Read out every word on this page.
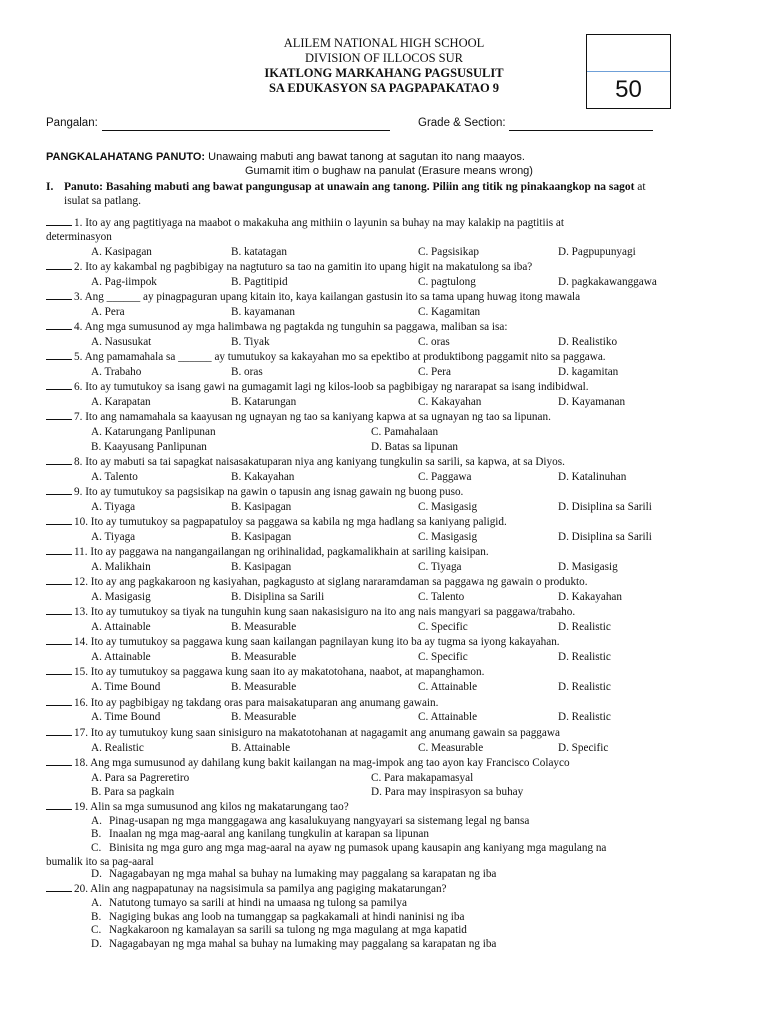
ALILEM NATIONAL HIGH SCHOOL
DIVISION OF ILLOCOS SUR
IKATLONG MARKAHANG PAGSUSULIT
SA EDUKASYON SA PAGPAPAKATAO 9	50
Pangalan:	Grade & Section:
PANGKALAHATANG PANUTO: Unawaing mabuti ang bawat tanong at sagutan ito nang maayos.
Gumamit itim o bughaw na panulat (Erasure means wrong)
I. Panuto: Basahing mabuti ang bawat pangungusap at unawain ang tanong. Piliin ang titik ng pinakaangkop na sagot at
isulat sa patlang.
1. Ito ay ang pagtitiyaga na maabot o makakuha ang mithiin o layunin sa buhay na may kalakip na pagtitiis at
determinasyon
A. Kasipagan	B. katatagan	C. Pagsisikap	D. Pagpupunyagi
2. Ito ay kakambal ng pagbibigay na nagtuturo sa tao na gamitin ito upang higit na makatulong sa iba?
A. Pag-iimpok	B. Pagtitipid	C. pagtulong	D. pagkakawanggawa
3. Ang ______ ay pinagpaguran upang kitain ito, kaya kailangan gastusin ito sa tama upang huwag itong mawala
A. Pera	B. kayamanan	C. Kagamitan
4. Ang mga sumusunod ay mga halimbawa ng pagtakda ng tunguhin sa paggawa, maliban sa isa:
A. Nasusukat	B. Tiyak	C. oras	D. Realistiko
5. Ang pamamahala sa ______ ay tumutukoy sa kakayahan mo sa epektibo at produktibong paggamit nito sa paggawa.
A. Trabaho	B. oras	C. Pera	D. kagamitan
6. Ito ay tumutukoy sa isang gawi na gumagamit lagi ng kilos-loob sa pagbibigay ng nararapat sa isang indibidwal.
A. Karapatan	B. Katarungan	C. Kakayahan	D. Kayamanan
7. Ito ang namamahala sa kaayusan ng ugnayan ng tao sa kaniyang kapwa at sa ugnayan ng tao sa lipunan.
A. Katarungang Panlipunan	C. Pamahalaan
B. Kaayusang Panlipunan	D. Batas sa lipunan
8. Ito ay mabuti sa tai sapagkat naisasakatuparan niya ang kaniyang tungkulin sa sarili, sa kapwa, at sa Diyos.
A. Talento	B. Kakayahan	C. Paggawa	D. Katalinuhan
9. Ito ay tumutukoy sa pagsisikap na gawin o tapusin ang isnag gawain ng buong puso.
A. Tiyaga	B. Kasipagan	C. Masigasig	D. Disiplina sa Sarili
10. Ito ay tumutukoy sa pagpapatuloy sa paggawa sa kabila ng mga hadlang sa kaniyang paligid.
A. Tiyaga	B. Kasipagan	C. Masigasig	D. Disiplina sa Sarili
11. Ito ay paggawa na nangangailangan ng orihinalidad, pagkamalikhain at sariling kaisipan.
A. Malikhain	B. Kasipagan	C. Tiyaga	D. Masigasig
12. Ito ay ang pagkakaroon ng kasiyahan, pagkagusto at siglang nararamdaman sa paggawa ng gawain o produkto.
A. Masigasig	B. Disiplina sa Sarili	C. Talento	D. Kakayahan
13. Ito ay tumutukoy sa tiyak na tunguhin kung saan nakasisiguro na ito ang nais mangyari sa paggawa/trabaho.
A. Attainable	B. Measurable	C. Specific	D. Realistic
14. Ito ay tumutukoy sa paggawa kung saan kailangan pagnilayan kung ito ba ay tugma sa iyong kakayahan.
A. Attainable	B. Measurable	C. Specific	D. Realistic
15. Ito ay tumutukoy sa paggawa kung saan ito ay makatotohana, naabot, at mapanghamon.
A. Time Bound	B. Measurable	C. Attainable	D. Realistic
16. Ito ay pagbibigay ng takdang oras para maisakatuparan ang anumang gawain.
A. Time Bound	B. Measurable	C. Attainable	D. Realistic
17. Ito ay tumutukoy kung saan sinisiguro na makatotohanan at nagagamit ang anumang gawain sa paggawa
A. Realistic	B. Attainable	C. Measurable	D. Specific
18. Ang mga sumusunod ay dahilang kung bakit kailangan na mag-impok ang tao ayon kay Francisco Colayco
A. Para sa Pagreretiro	C. Para makapamasyal
B. Para sa pagkain	D. Para may inspirasyon sa buhay
19. Alin sa mga sumusunod ang kilos ng makatarungang tao?
A. Pinag-usapan ng mga manggagawa ang kasalukuyang nangyayari sa sistemang legal ng bansa
B. Inaalan ng mga mag-aaral ang kanilang tungkulin at karapan sa lipunan
C. Binisita ng mga guro ang mga mag-aaral na ayaw ng pumasok upang kausapin ang kaniyang mga magulang na
bumalik ito sa pag-aaral
D. Nagagabayan ng mga mahal sa buhay na lumaking may paggalang sa karapatan ng iba
20. Alin ang nagpapatunay na nagsisimula sa pamilya ang pagiging makatarungan?
A. Natutong tumayo sa sarili at hindi na umaasa ng tulong sa pamilya
B. Nagiging bukas ang loob na tumanggap sa pagkakamali at hindi naninisi ng iba
C. Nagkakaroon ng kamalayan sa sarili sa tulong ng mga magulang at mga kapatid
D. Nagagabayan ng mga mahal sa buhay na lumaking may paggalang sa karapatan ng iba
